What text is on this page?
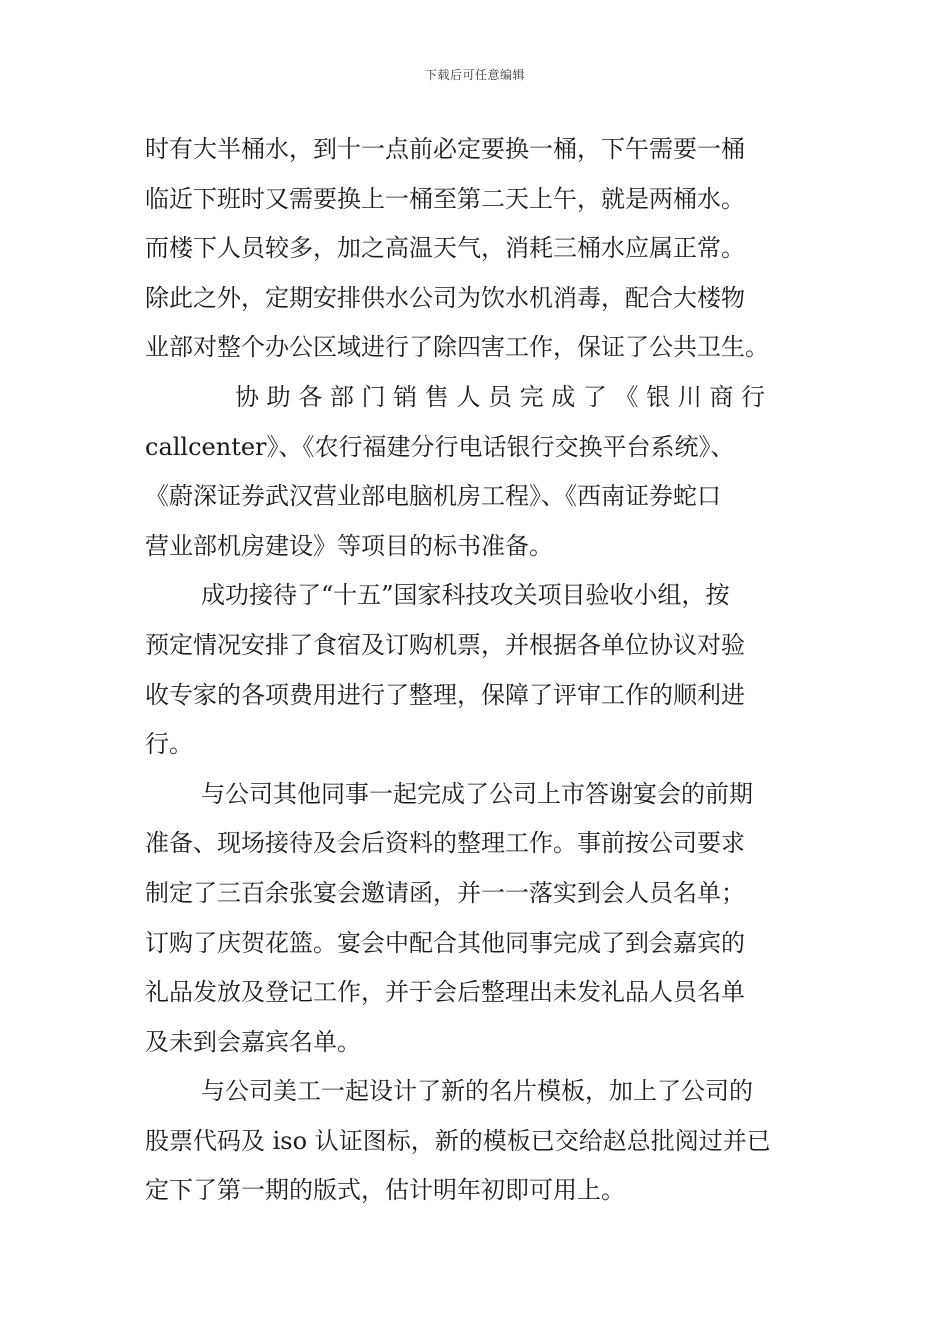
下载后可任意编辑
时有大半桶水，到十一点前必定要换一桶，下午需要一桶
临近下班时又需要换上一桶至第二天上午，就是两桶水。
而楼下人员较多，加之高温天气，消耗三桶水应属正常。
除此之外，定期安排供水公司为饮水机消毒，配合大楼物
业部对整个办公区域进行了除四害工作，保证了公共卫生。
协 助 各 部 门 销 售 人 员 完 成 了 《 银 川 商 行
callcenter》、《农行福建分行电话银行交换平台系统》、
《蔚深证券武汉营业部电脑机房工程》、《西南证券蛇口
营业部机房建设》等项目的标书准备。
成功接待了“十五”国家科技攻关项目验收小组，按
预定情况安排了食宿及订购机票，并根据各单位协议对验
收专家的各项费用进行了整理，保障了评审工作的顺利进
行。
与公司其他同事一起完成了公司上市答谢宴会的前期
准备、现场接待及会后资料的整理工作。事前按公司要求
制定了三百余张宴会邀请函，并一一落实到会人员名单；
订购了庆贺花篮。宴会中配合其他同事完成了到会嘉宾的
礼品发放及登记工作，并于会后整理出未发礼品人员名单
及未到会嘉宾名单。
与公司美工一起设计了新的名片模板，加上了公司的
股票代码及 iso 认证图标，新的模板已交给赵总批阅过并已
定下了第一期的版式，估计明年初即可用上。
